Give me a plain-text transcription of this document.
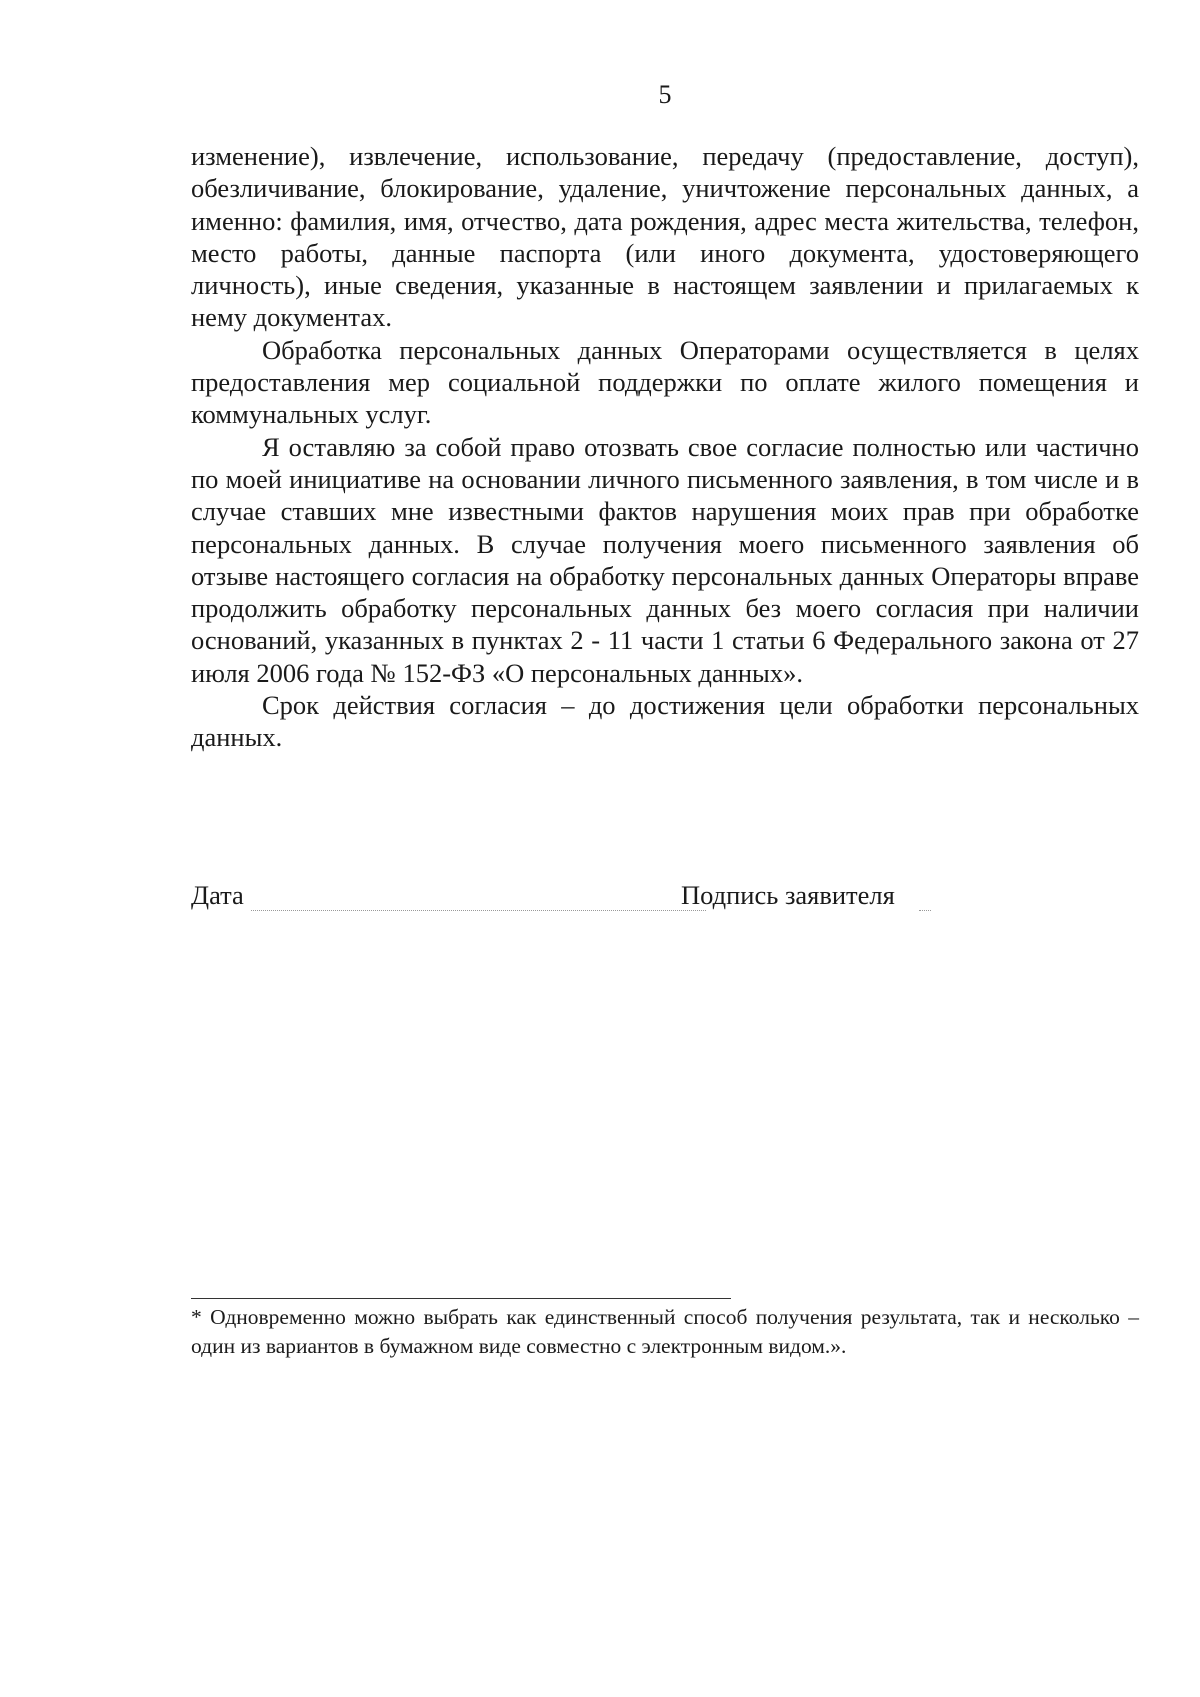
5

изменение), извлечение, использование, передачу (предоставление, доступ), обезличивание, блокирование, удаление, уничтожение персональных данных, а именно: фамилия, имя, отчество, дата рождения, адрес места жительства, телефон, место работы, данные паспорта (или иного документа, удостоверяющего личность), иные сведения, указанные в настоящем заявлении и прилагаемых к нему документах.

Обработка персональных данных Операторами осуществляется в целях предоставления мер социальной поддержки по оплате жилого помещения и коммунальных услуг.

Я оставляю за собой право отозвать свое согласие полностью или частично по моей инициативе на основании личного письменного заявления, в том числе и в случае ставших мне известными фактов нарушения моих прав при обработке персональных данных. В случае получения моего письменного заявления об отзыве настоящего согласия на обработку персональных данных Операторы вправе продолжить обработку персональных данных без моего согласия при наличии оснований, указанных в пунктах 2 - 11 части 1 статьи 6 Федерального закона от 27 июля 2006 года № 152-ФЗ «О персональных данных».

Срок действия согласия – до достижения цели обработки персональных данных.

Дата	Подпись заявителя

* Одновременно можно выбрать как единственный способ получения результата, так и несколько – один из вариантов в бумажном виде совместно с электронным видом.».
